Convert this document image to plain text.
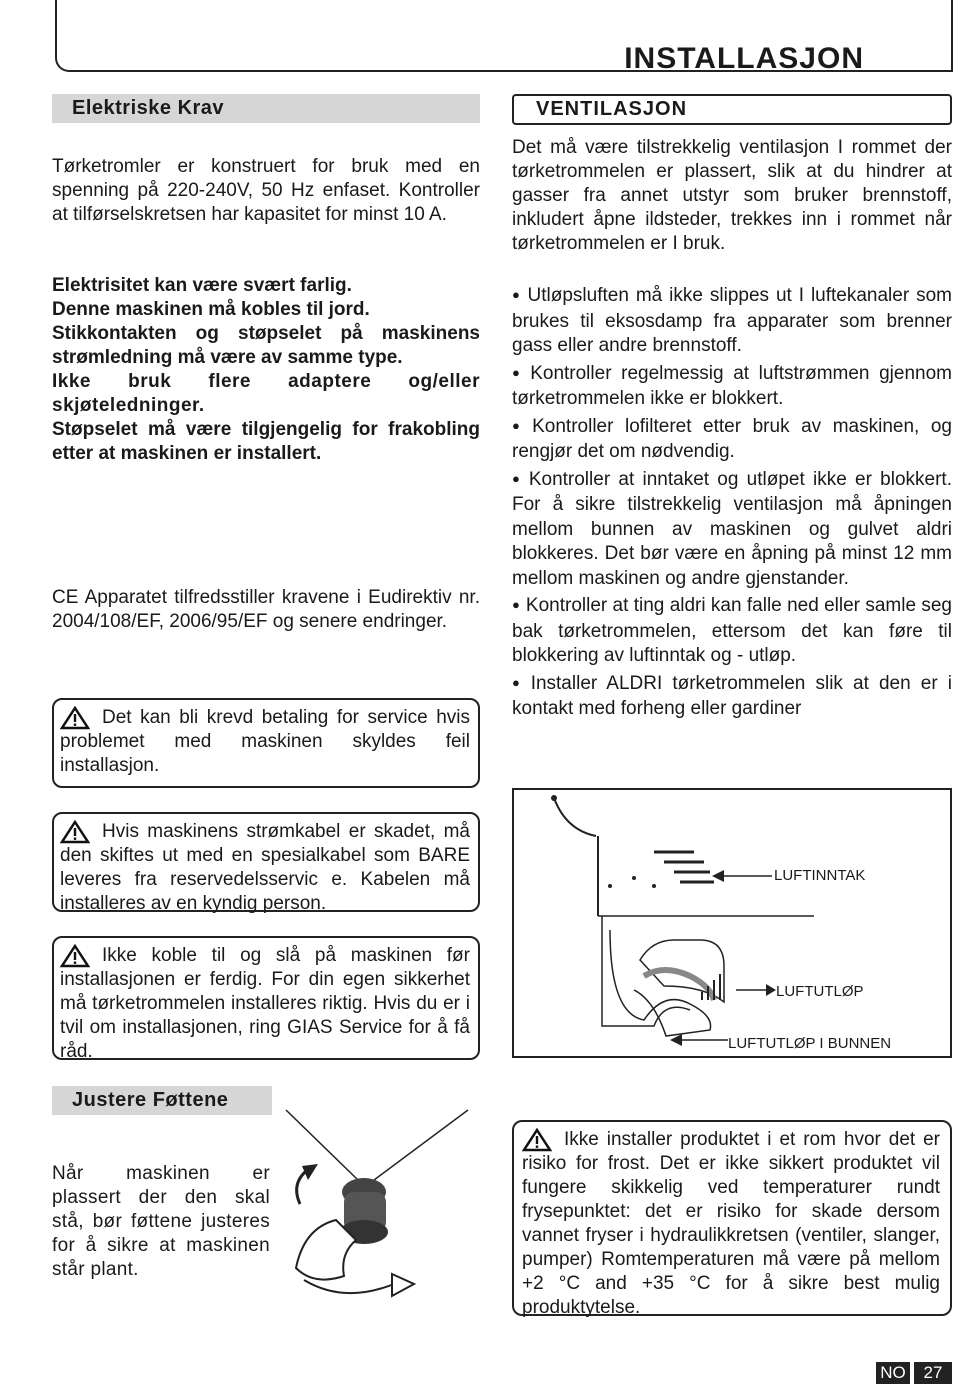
INSTALLASJON
Elektriske Krav
Tørketromler er konstruert for bruk med en spenning på 220-240V, 50 Hz enfaset. Kontroller at tilførselskretsen har kapasitet for minst 10 A.

Elektrisitet kan være svært farlig.

Denne maskinen må kobles til jord.

Stikkontakten og støpselet på maskinens strømledning må være av samme type.

Ikke bruk flere adaptere og/eller skjøteledninger.

Støpselet må være tilgjengelig for frakobling etter at maskinen er installert.

CE Apparatet tilfredsstiller kravene i Eudirektiv nr. 2004/108/EF, 2006/95/EF og senere endringer.
Det kan bli krevd betaling for service hvis problemet med maskinen skyldes feil installasjon.
Hvis maskinens strømkabel er skadet, må den skiftes ut med en spesialkabel som BARE leveres fra reservedelsservic e. Kabelen må installeres av en kyndig person.
Ikke koble til og slå på maskinen før installasjonen er ferdig. For din egen sikkerhet må tørketrommelen installeres riktig. Hvis du er i tvil om installasjonen, ring GIAS Service for å få råd.
Justere Føttene
Når maskinen er plassert der den skal stå, bør føttene justeres for å sikre at maskinen står plant.
VENTILASJON
Det må være tilstrekkelig ventilasjon I rommet der tørketrommelen er plassert, slik at du hindrer at gasser fra annet utstyr som bruker brennstoff, inkludert åpne ildsteder, trekkes inn i rommet når tørketrommelen er I bruk.
● Utløpsluften må ikke slippes ut I luftekanaler som brukes til eksosdamp fra apparater som brenner gass eller andre brennstoff.
● Kontroller regelmessig at luftstrømmen gjennom tørketrommelen ikke er blokkert.
● Kontroller lofilteret etter bruk av maskinen, og rengjør det om nødvendig.
● Kontroller at inntaket og utløpet ikke er blokkert. For å sikre tilstrekkelig ventilasjon må åpningen mellom bunnen av maskinen og gulvet aldri blokkeres. Det bør være en åpning på minst 12 mm mellom maskinen og andre gjenstander.
● Kontroller at ting aldri kan falle ned eller samle seg bak tørketrommelen, ettersom det kan føre til blokkering av luftinntak og - utløp.
● Installer ALDRI tørketrommelen slik at den er i kontakt med forheng eller gardiner
LUFTINNTAK
LUFTUTLØP
LUFTUTLØP I BUNNEN
Ikke installer produktet i et rom hvor det er risiko for frost. Det er ikke sikkert produktet vil fungere skikkelig ved temperaturer rundt frysepunktet: det er risiko for skade dersom vannet fryser i hydraulikkretsen (ventiler, slanger, pumper) Romtemperaturen må være på mellom +2 °C and +35 °C for å sikre best mulig produktytelse.
NO	27
